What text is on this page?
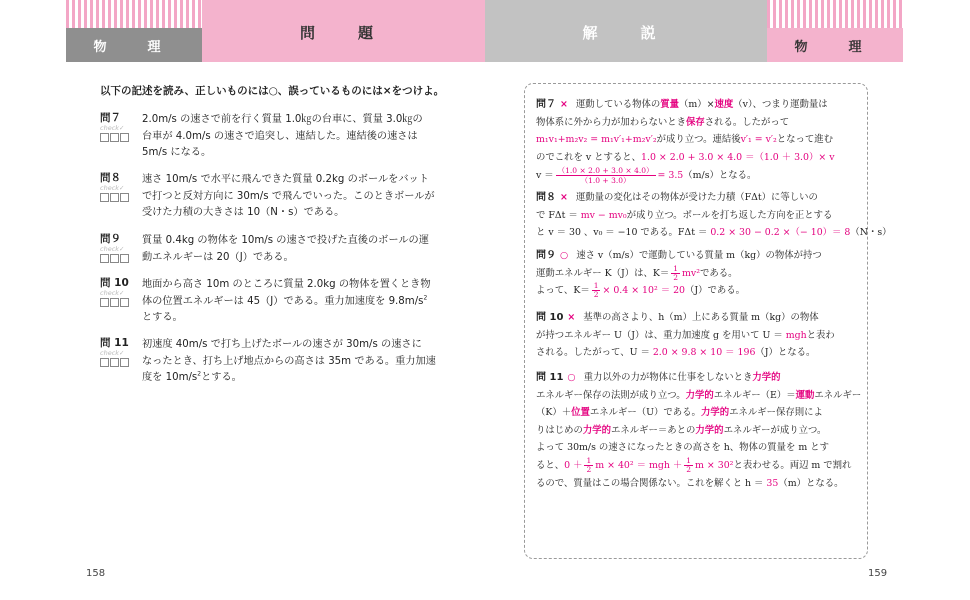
物　理
問　題	解　説
物　理
以下の記述を読み、正しいものには○、誤っているものには×をつけよ。
問７
check✓
2.0m/s の速さで前を行く質量 1.0㎏の台車に、質量 3.0㎏の
台車が 4.0m/s の速さで追突し、連結した。連結後の速さは
5m/s になる。
問８
check✓
速さ 10m/s で水平に飛んできた質量 0.2kg のボールをバット
で打つと反対方向に 30m/s で飛んでいった。このときボールが
受けた力積の大きさは 10（N・s）である。
問９
check✓
質量 0.4kg の物体を 10m/s の速さで投げた直後のボールの運
動エネルギーは 20（J）である。
問 10
check✓
地面から高さ 10m のところに質量 2.0kg の物体を置くとき物
体の位置エネルギーは 45（J）である。重力加速度を $9.8m/s^2$
とする。
問 11
check✓
初速度 40m/s で打ち上げたボールの速さが 30m/s の速さに
なったとき、打ち上げ地点からの高さは 35m である。重力加速
度を $10m/s^2$とする。
158	159
問７ × 運動している物体の質量（m）×速度（v）、つまり運動量は
物体系に外から力が加わらないとき保存される。したがって
m₁v₁+m₂v₂ = m₁v′₁+m₂v′₂が成り立つ。連結後v′₁ = v′₂となって進む
のでこれを v とすると、1.0 × 2.0 + 3.0 × 4.0 ＝（1.0 ＋ 3.0）× v
$v = \frac{(1.0 \times 2.0 + 3.0 \times 4.0)}{(1.0 + 3.0)} = 3.5(m/s)$となる。
問８ × 運動量の変化はその物体が受けた力積（FΔt）に等しいの
で FΔt ＝ mv − mv₀が成り立つ。ボールを打ち返した方向を正とする
と v ＝ 30 、v₀ ＝ −10 である。FΔt ＝ 0.2 × 30 − 0.2 ×（− 10）＝ 8（N・s）
問９ ○ 速さ v（m/s）で運動している質量 m（kg）の物体が持つ
運動エネルギー K（J）は、$K= \frac{1}{2} mv^2$である。
よって、$K= \frac{1}{2} \times 0.4 \times 10^2 = 20(J)$である。
問 10 × 基準の高さより、h（m）上にある質量 m（kg）の物体
が持つエネルギー U（J）は、重力加速度 g を用いて U ＝ mghと表わ
される。したがって、U ＝ 2.0 × 9.8 × 10 ＝ 196（J）となる。
問 11 ○ 重力以外の力が物体に仕事をしないとき力学的
エネルギー保存の法則が成り立つ。力学的エネルギー（E）＝運動エネルギー
（K）＋位置エネルギー（U）である。力学的エネルギー保存則によ
りはじめの力学的エネルギー＝あとの力学的エネルギーが成り立つ。
よって 30m/s の速さになったときの高さを h、物体の質量を m とす
ると、$0 + \frac{1}{2}$ m × 40² ＝ mgh ＋ $\frac{1}{2}$ m × 30²と表わせる。両辺 m で割れ
るので、質量はこの場合関係ない。これを解くと h ＝ 35（m）となる。
